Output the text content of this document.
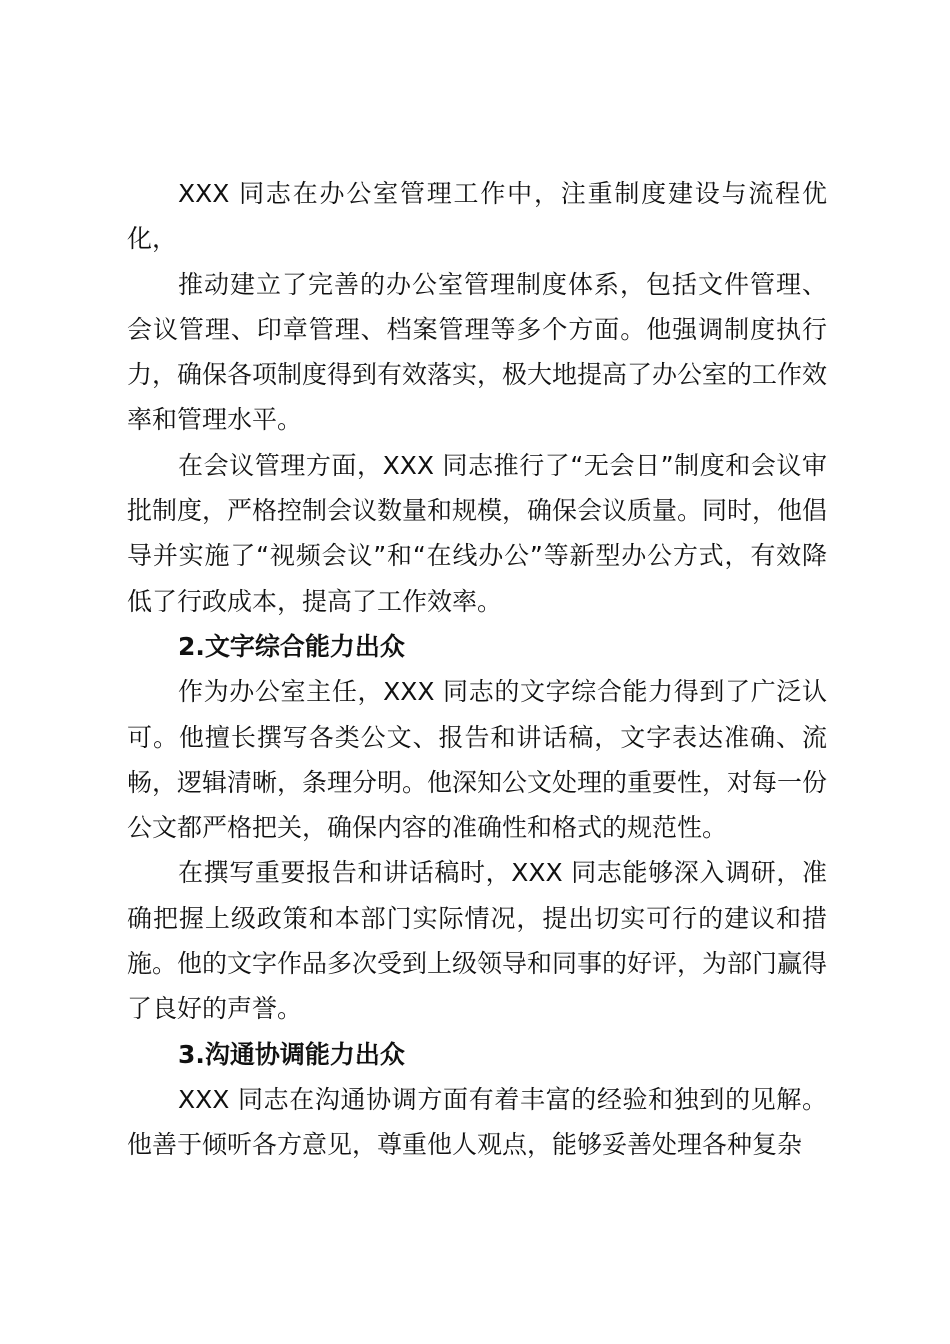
XXX 同志在办公室管理工作中，注重制度建设与流程优化，

推动建立了完善的办公室管理制度体系，包括文件管理、会议管理、印章管理、档案管理等多个方面。他强调制度执行力，确保各项制度得到有效落实，极大地提高了办公室的工作效率和管理水平。

在会议管理方面，XXX 同志推行了“无会日”制度和会议审批制度，严格控制会议数量和规模，确保会议质量。同时，他倡导并实施了“视频会议”和“在线办公”等新型办公方式，有效降低了行政成本，提高了工作效率。

2.文字综合能力出众

作为办公室主任，XXX 同志的文字综合能力得到了广泛认可。他擅长撰写各类公文、报告和讲话稿，文字表达准确、流畅，逻辑清晰，条理分明。他深知公文处理的重要性，对每一份公文都严格把关，确保内容的准确性和格式的规范性。

在撰写重要报告和讲话稿时，XXX 同志能够深入调研，准确把握上级政策和本部门实际情况，提出切实可行的建议和措施。他的文字作品多次受到上级领导和同事的好评，为部门赢得了良好的声誉。

3.沟通协调能力出众

XXX 同志在沟通协调方面有着丰富的经验和独到的见解。他善于倾听各方意见，尊重他人观点，能够妥善处理各种复杂
